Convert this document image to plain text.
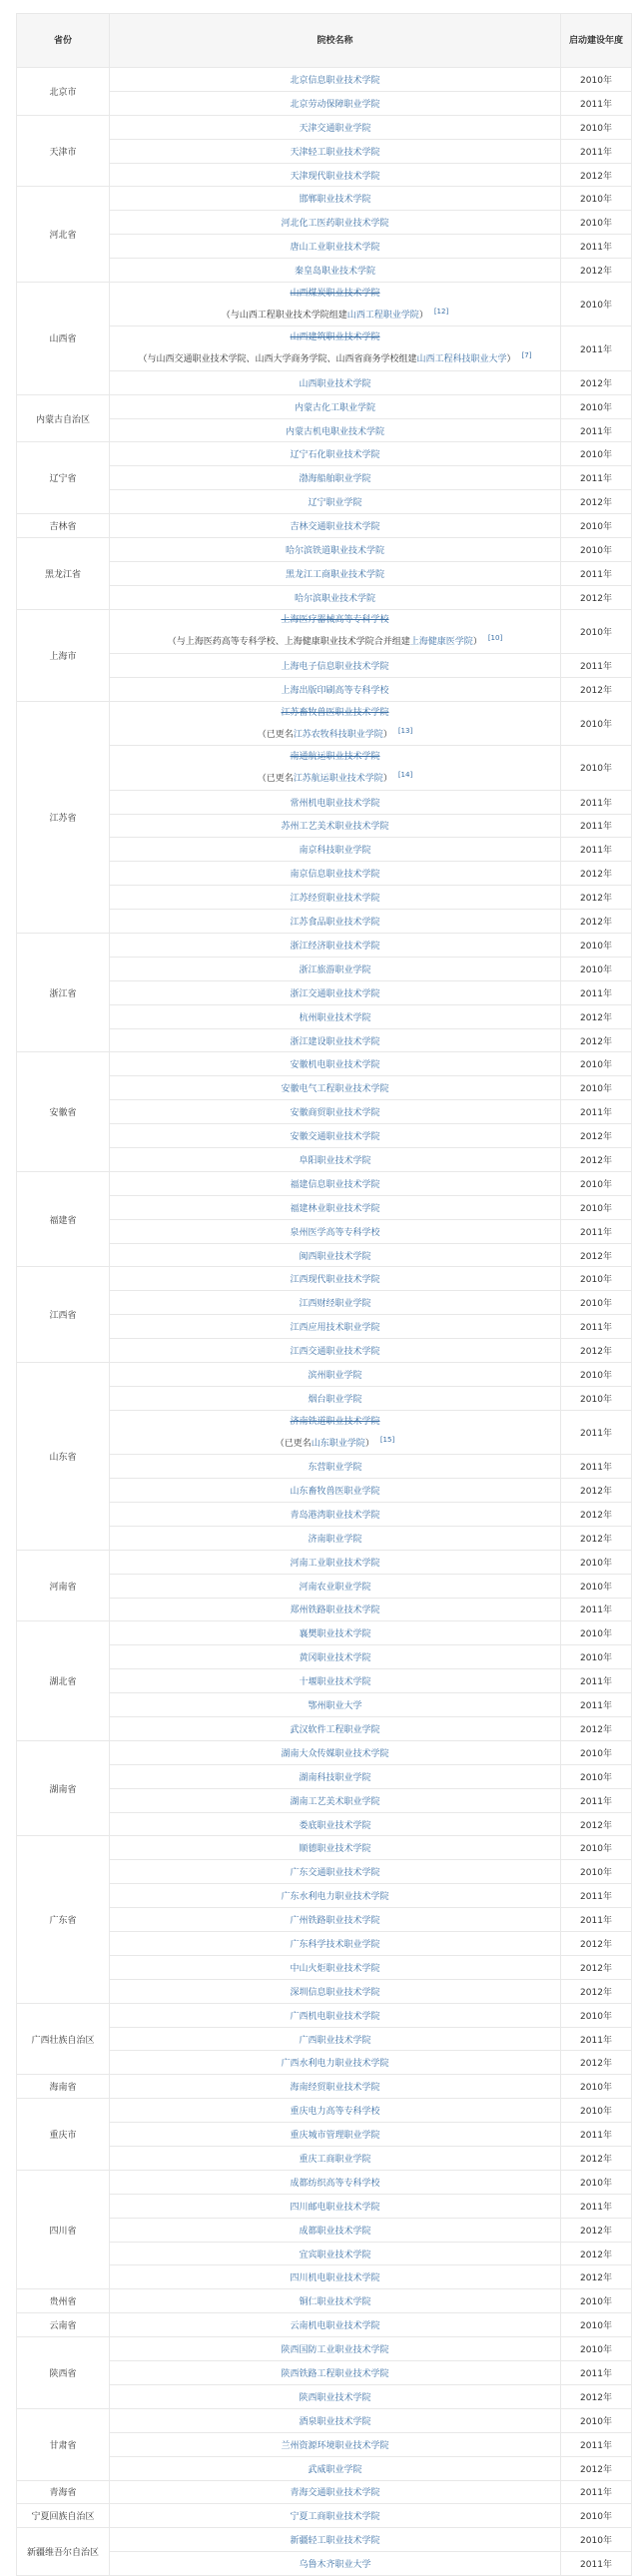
省份	院校名称	启动建设年度
北京市	北京信息职业技术学院	2010年
	北京劳动保障职业学院	2011年
天津市	天津交通职业学院	2010年
	天津轻工职业技术学院	2011年
	天津现代职业技术学院	2012年
河北省	邯郸职业技术学院	2010年
	河北化工医药职业技术学院	2010年
	唐山工业职业技术学院	2011年
	秦皇岛职业技术学院	2012年
山西省	山西煤炭职业技术学院
（与山西工程职业技术学院组建山西工程职业学院） [12]	2010年

	山西建筑职业技术学院
（与山西交通职业技术学院、山西大学商务学院、山西省商务学校组建山西工程科技职业大学） [7]	2011年
	山西职业技术学院	2012年
内蒙古自治区	内蒙古化工职业学院	2010年
	内蒙古机电职业技术学院	2011年
辽宁省	辽宁石化职业技术学院	2010年
	渤海船舶职业学院	2011年
	辽宁职业学院	2012年
吉林省	吉林交通职业技术学院	2010年
黑龙江省	哈尔滨铁道职业技术学院	2010年
	黑龙江工商职业技术学院	2011年
	哈尔滨职业技术学院	2012年
上海市	上海医疗器械高等专科学校
（与上海医药高等专科学校、上海健康职业技术学院合并组建上海健康医学院） [10]	2010年
	上海电子信息职业技术学院	2011年
	上海出版印刷高等专科学校	2012年
江苏省	江苏畜牧兽医职业技术学院
（已更名江苏农牧科技职业学院） [13]	2010年

	南通航运职业技术学院
（已更名江苏航运职业技术学院） [14]	2010年
	常州机电职业技术学院	2011年
	苏州工艺美术职业技术学院	2011年
	南京科技职业学院	2011年
	南京信息职业技术学院	2012年
	江苏经贸职业技术学院	2012年
	江苏食品职业技术学院	2012年
浙江省	浙江经济职业技术学院	2010年
	浙江旅游职业学院	2010年
	浙江交通职业技术学院	2011年
	杭州职业技术学院	2012年
	浙江建设职业技术学院	2012年
安徽省	安徽机电职业技术学院	2010年
	安徽电气工程职业技术学院	2010年
	安徽商贸职业技术学院	2011年
	安徽交通职业技术学院	2012年
	阜阳职业技术学院	2012年
福建省	福建信息职业技术学院	2010年
	福建林业职业技术学院	2010年
	泉州医学高等专科学校	2011年
	闽西职业技术学院	2012年
江西省	江西现代职业技术学院	2010年
	江西财经职业学院	2010年
	江西应用技术职业学院	2011年
	江西交通职业技术学院	2012年
山东省	滨州职业学院	2010年
	烟台职业学院	2010年

	济南铁道职业技术学院
（已更名山东职业学院） [15]	2011年
	东营职业学院	2011年
	山东畜牧兽医职业学院	2012年
	青岛港湾职业技术学院	2012年
	济南职业学院	2012年
河南省	河南工业职业技术学院	2010年
	河南农业职业学院	2010年
	郑州铁路职业技术学院	2011年
湖北省	襄樊职业技术学院	2010年
	黄冈职业技术学院	2010年
	十堰职业技术学院	2011年
	鄂州职业大学	2011年
	武汉软件工程职业学院	2012年
湖南省	湖南大众传媒职业技术学院	2010年
	湖南科技职业学院	2010年
	湖南工艺美术职业学院	2011年
	娄底职业技术学院	2012年
广东省	顺德职业技术学院	2010年
	广东交通职业技术学院	2010年
	广东水利电力职业技术学院	2011年
	广州铁路职业技术学院	2011年
	广东科学技术职业学院	2012年
	中山火炬职业技术学院	2012年
	深圳信息职业技术学院	2012年
广西壮族自治区	广西机电职业技术学院	2010年
	广西职业技术学院	2011年
	广西水利电力职业技术学院	2012年
海南省	海南经贸职业技术学院	2010年
重庆市	重庆电力高等专科学校	2010年
	重庆城市管理职业学院	2011年
	重庆工商职业学院	2012年
四川省	成都纺织高等专科学校	2010年
	四川邮电职业技术学院	2011年
	成都职业技术学院	2012年
	宜宾职业技术学院	2012年
	四川机电职业技术学院	2012年
贵州省	铜仁职业技术学院	2010年
云南省	云南机电职业技术学院	2010年
陕西省	陕西国防工业职业技术学院	2010年
	陕西铁路工程职业技术学院	2011年
	陕西职业技术学院	2012年
甘肃省	酒泉职业技术学院	2010年
	兰州资源环境职业技术学院	2011年
	武威职业学院	2012年
青海省	青海交通职业技术学院	2011年
宁夏回族自治区	宁夏工商职业技术学院	2010年
新疆维吾尔自治区	新疆轻工职业技术学院	2010年
	乌鲁木齐职业大学	2011年
